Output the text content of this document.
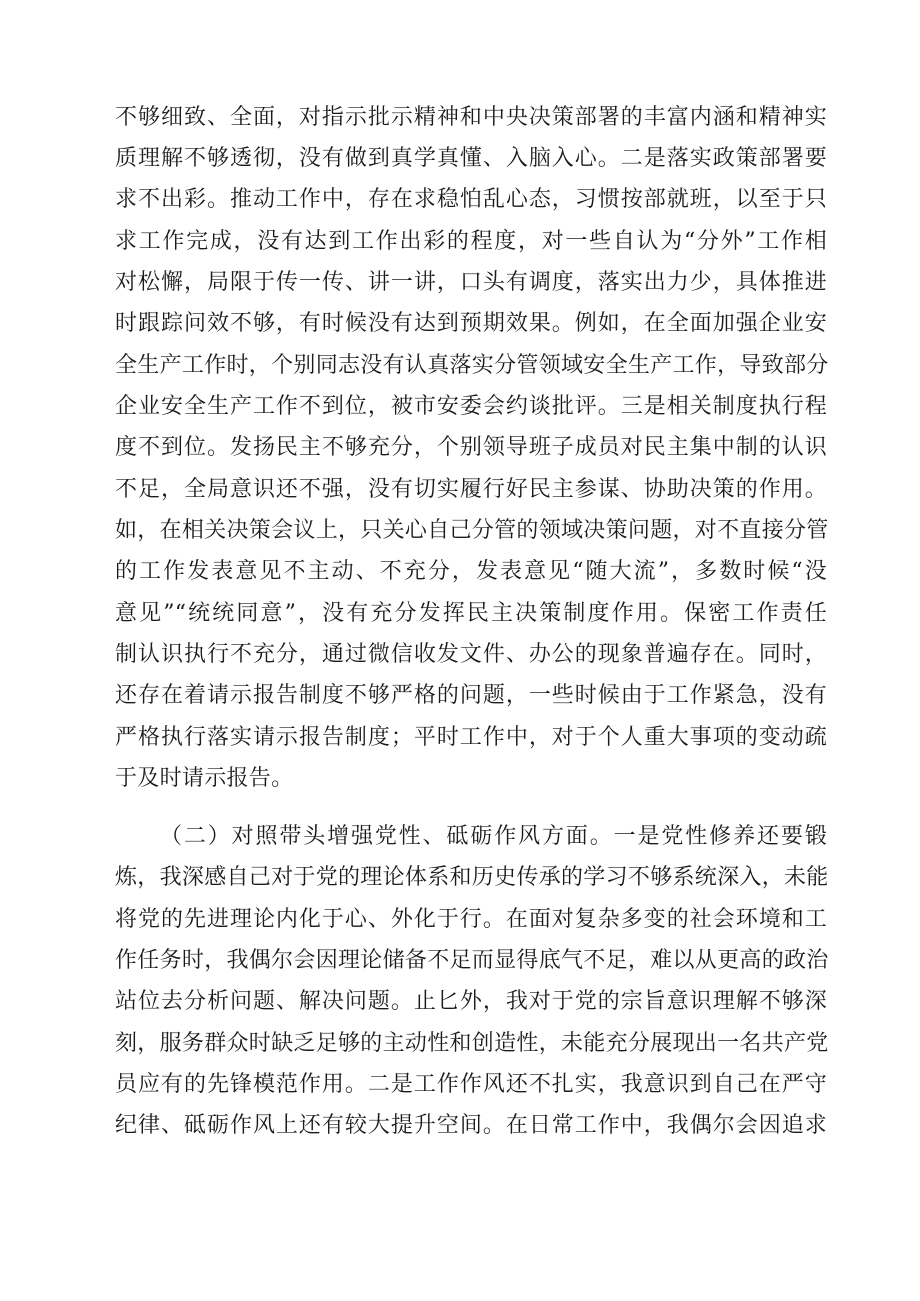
不够细致、全面，对指示批示精神和中央决策部署的丰富内涵和精神实
质理解不够透彻，没有做到真学真懂、入脑入心。二是落实政策部署要
求不出彩。推动工作中，存在求稳怕乱心态，习惯按部就班，以至于只
求工作完成，没有达到工作出彩的程度，对一些自认为“分外”工作相
对松懈，局限于传一传、讲一讲，口头有调度，落实出力少，具体推进
时跟踪问效不够，有时候没有达到预期效果。例如，在全面加强企业安
全生产工作时，个别同志没有认真落实分管领域安全生产工作，导致部分
企业安全生产工作不到位，被市安委会约谈批评。三是相关制度执行程
度不到位。发扬民主不够充分，个别领导班子成员对民主集中制的认识
不足，全局意识还不强，没有切实履行好民主参谋、协助决策的作用。
如，在相关决策会议上，只关心自己分管的领域决策问题，对不直接分管
的工作发表意见不主动、不充分，发表意见“随大流”，多数时候“没
意见”“统统同意”，没有充分发挥民主决策制度作用。保密工作责任
制认识执行不充分，通过微信收发文件、办公的现象普遍存在。同时，
还存在着请示报告制度不够严格的问题，一些时候由于工作紧急，没有
严格执行落实请示报告制度；平时工作中，对于个人重大事项的变动疏
于及时请示报告。
（二）对照带头增强党性、砥砺作风方面。一是党性修养还要锻
炼，我深感自己对于党的理论体系和历史传承的学习不够系统深入，未能
将党的先进理论内化于心、外化于行。在面对复杂多变的社会环境和工
作任务时，我偶尔会因理论储备不足而显得底气不足，难以从更高的政治
站位去分析问题、解决问题。止匕外，我对于党的宗旨意识理解不够深
刻，服务群众时缺乏足够的主动性和创造性，未能充分展现出一名共产党
员应有的先锋模范作用。二是工作作风还不扎实，我意识到自己在严守
纪律、砥砺作风上还有较大提升空间。在日常工作中，我偶尔会因追求
